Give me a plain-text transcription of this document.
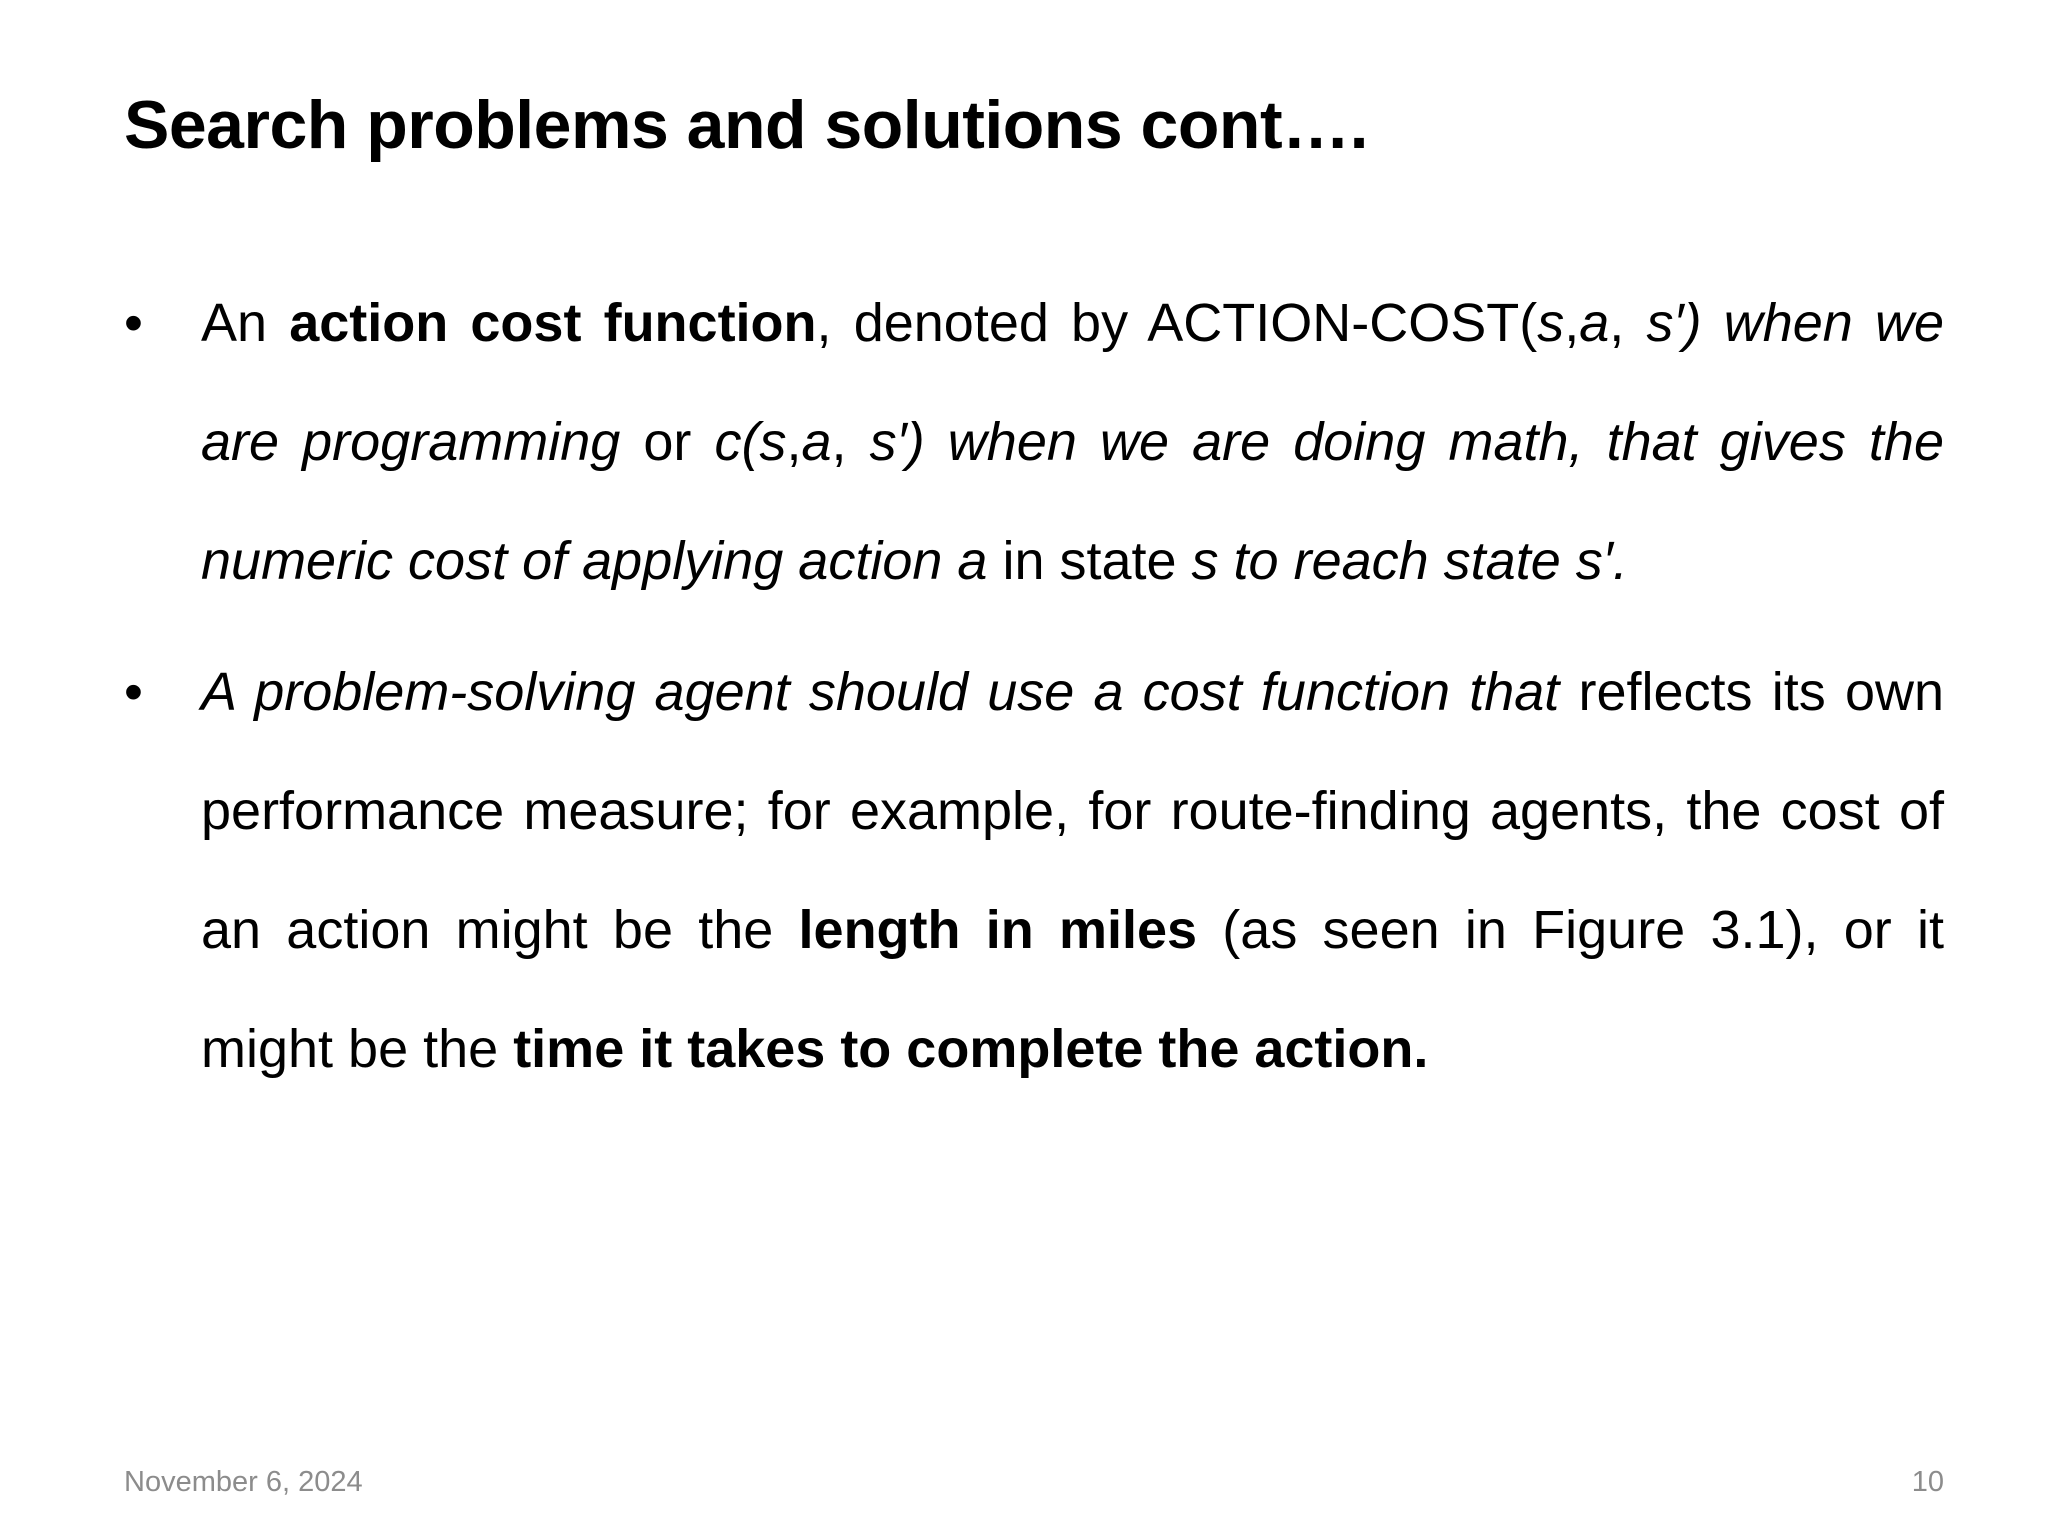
Search problems and solutions cont….
• An action cost function, denoted by ACTION-COST(s,a, s′) when we are programming or c(s,a, s′) when we are doing math, that gives the numeric cost of applying action a in state s to reach state s′.
• A problem-solving agent should use a cost function that reflects its own performance measure; for example, for route-finding agents, the cost of an action might be the length in miles (as seen in Figure 3.1), or it might be the time it takes to complete the action.
November 6, 2024	10
